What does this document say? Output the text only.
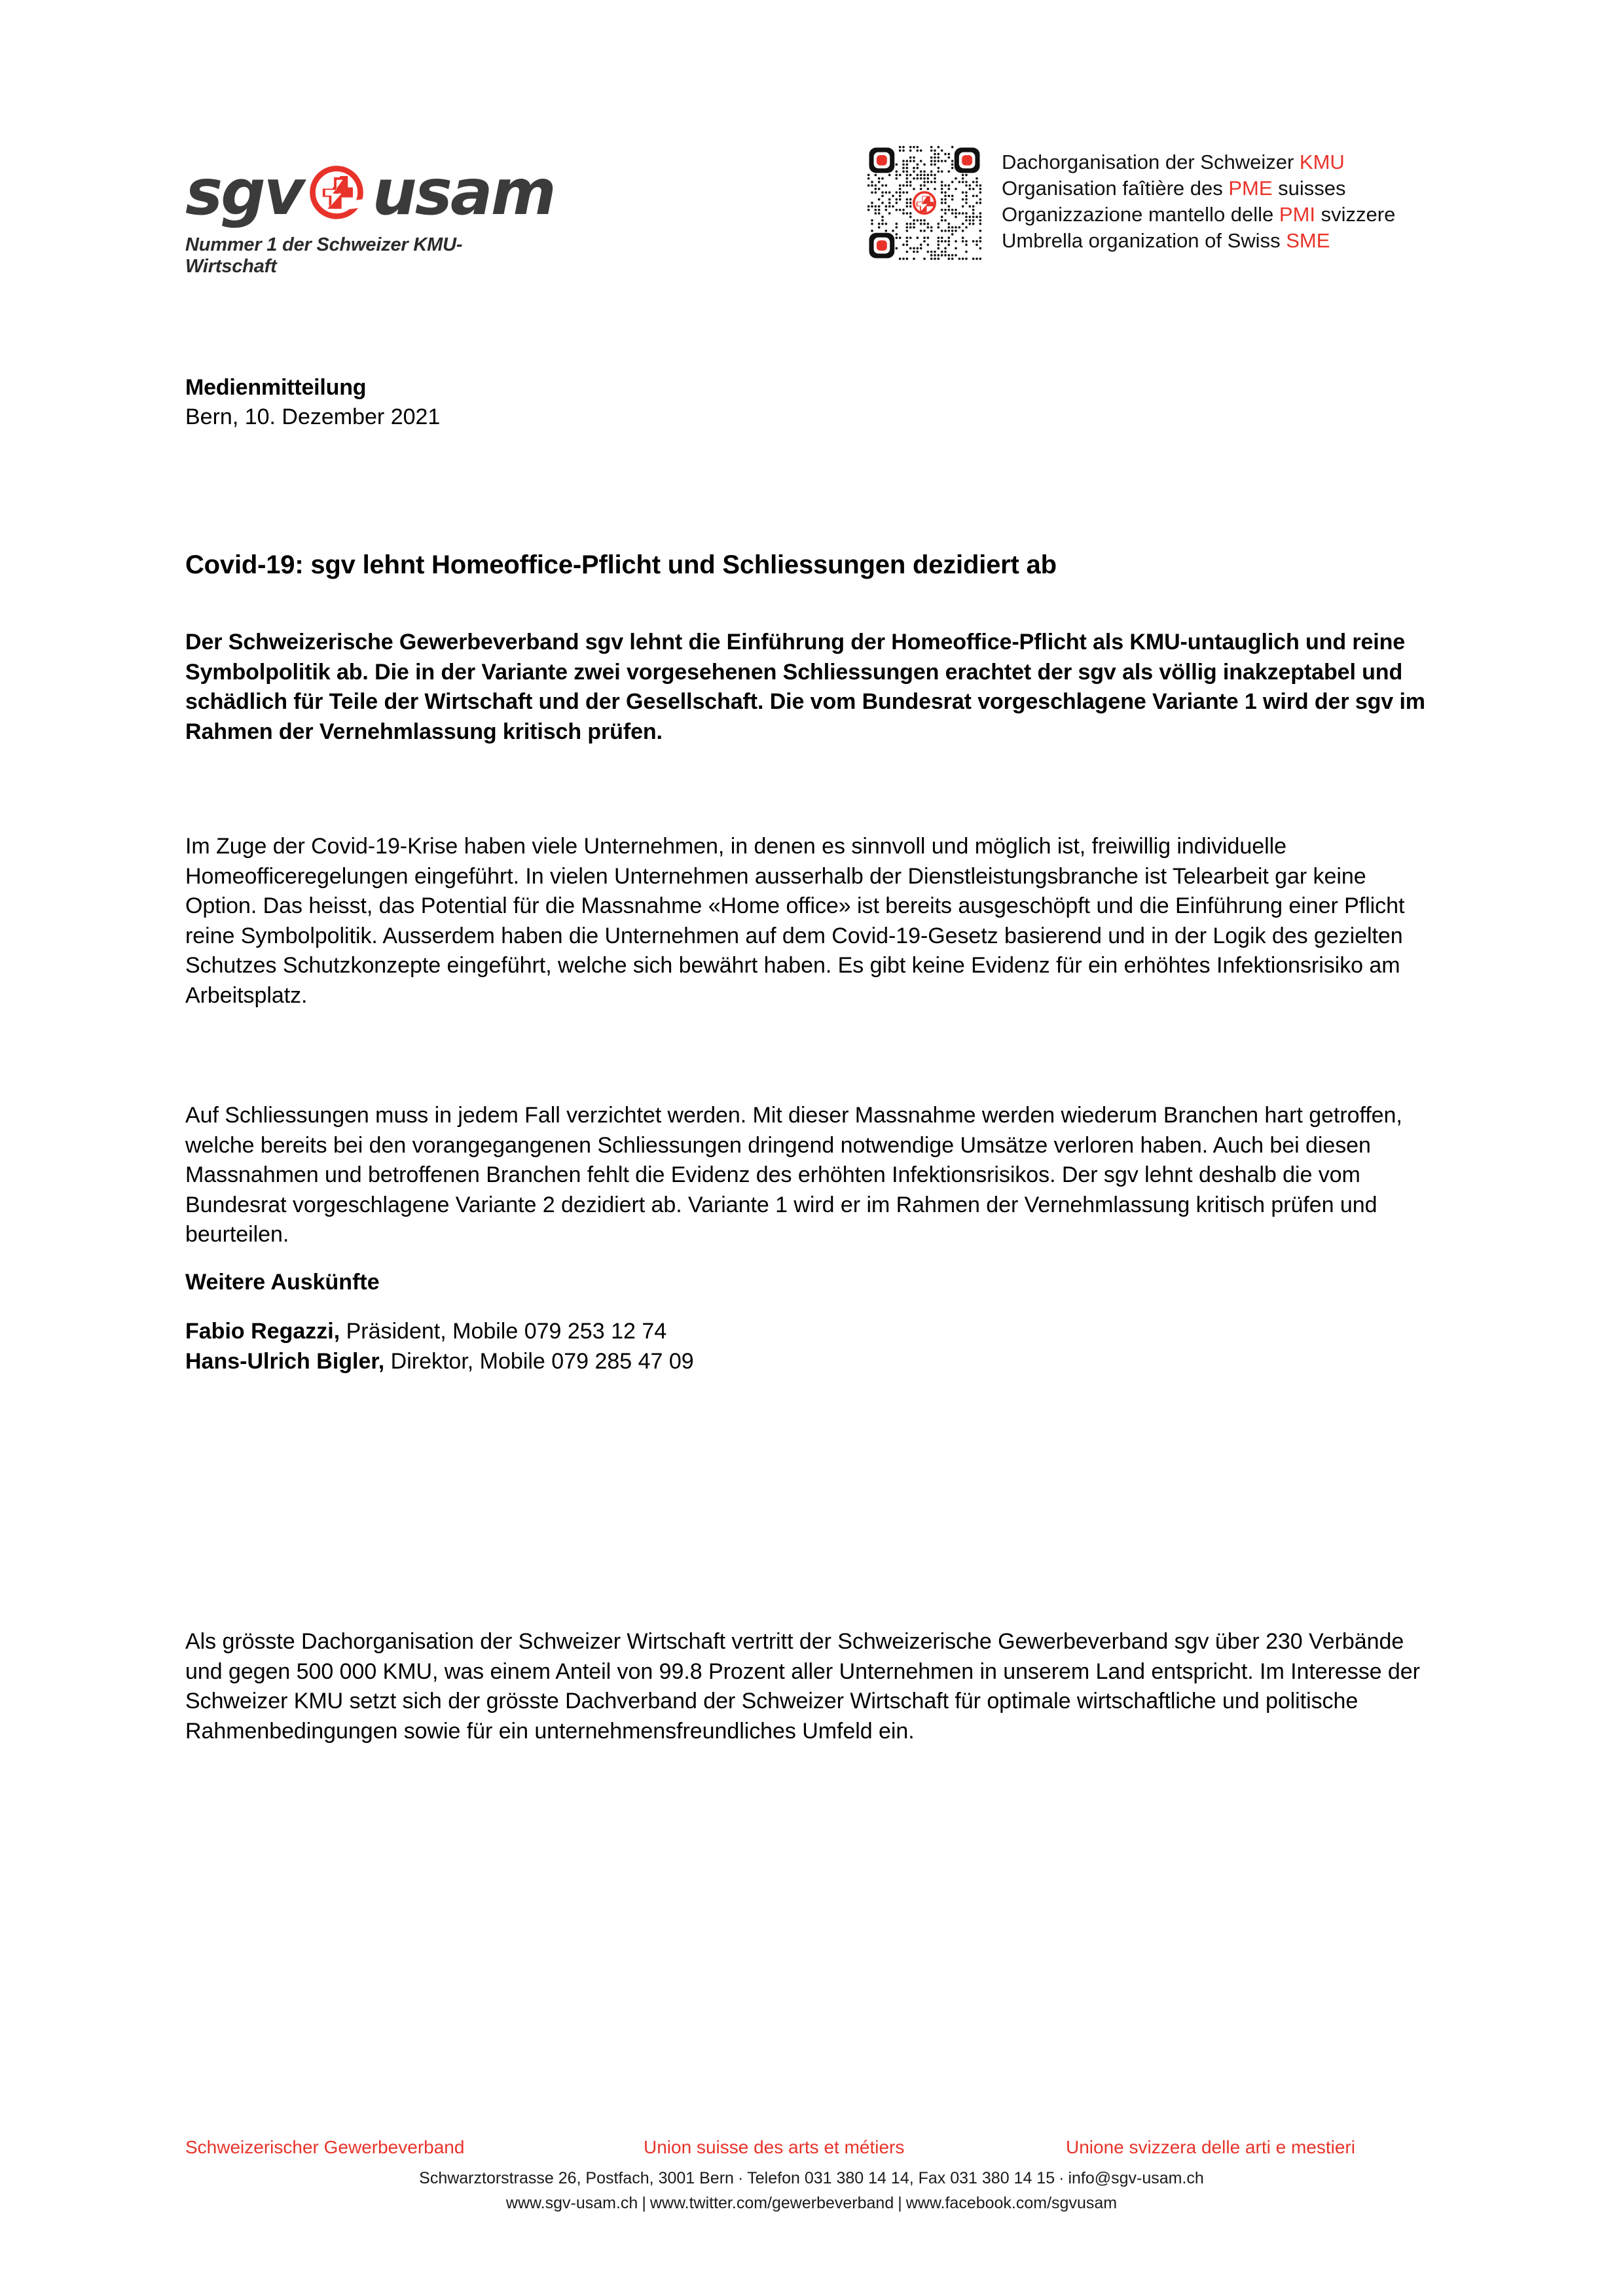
sgv usam
Nummer 1 der Schweizer KMU-Wirtschaft
Dachorganisation der Schweizer KMU
Organisation faîtière des PME suisses
Organizzazione mantello delle PMI svizzere
Umbrella organization of Swiss SME
Medienmitteilung
Bern, 10. Dezember 2021
Covid-19: sgv lehnt Homeoffice-Pflicht und Schliessungen dezidiert ab

Der Schweizerische Gewerbeverband sgv lehnt die Einführung der Homeoffice-Pflicht als KMU-untauglich und reine Symbolpolitik ab. Die in der Variante zwei vorgesehenen Schliessungen erachtet der sgv als völlig inakzeptabel und schädlich für Teile der Wirtschaft und der Gesellschaft. Die vom Bundesrat vorgeschlagene Variante 1 wird der sgv im Rahmen der Vernehmlassung kritisch prüfen.

Im Zuge der Covid-19-Krise haben viele Unternehmen, in denen es sinnvoll und möglich ist, freiwillig individuelle Homeofficeregelungen eingeführt. In vielen Unternehmen ausserhalb der Dienstleistungsbranche ist Telearbeit gar keine Option. Das heisst, das Potential für die Massnahme «Home office» ist bereits ausgeschöpft und die Einführung einer Pflicht reine Symbolpolitik. Ausserdem haben die Unternehmen auf dem Covid-19-Gesetz basierend und in der Logik des gezielten Schutzes Schutzkonzepte eingeführt, welche sich bewährt haben. Es gibt keine Evidenz für ein erhöhtes Infektionsrisiko am Arbeitsplatz.

Auf Schliessungen muss in jedem Fall verzichtet werden. Mit dieser Massnahme werden wiederum Branchen hart getroffen, welche bereits bei den vorangegangenen Schliessungen dringend notwendige Umsätze verloren haben. Auch bei diesen Massnahmen und betroffenen Branchen fehlt die Evidenz des erhöhten Infektionsrisikos. Der sgv lehnt deshalb die vom Bundesrat vorgeschlagene Variante 2 dezidiert ab. Variante 1 wird er im Rahmen der Vernehmlassung kritisch prüfen und beurteilen.

Weitere Auskünfte
Fabio Regazzi, Präsident, Mobile 079 253 12 74
Hans-Ulrich Bigler, Direktor, Mobile 079 285 47 09

Als grösste Dachorganisation der Schweizer Wirtschaft vertritt der Schweizerische Gewerbeverband sgv über 230 Verbände und gegen 500 000 KMU, was einem Anteil von 99.8 Prozent aller Unternehmen in unserem Land entspricht. Im Interesse der Schweizer KMU setzt sich der grösste Dachverband der Schweizer Wirtschaft für optimale wirtschaftliche und politische Rahmenbedingungen sowie für ein unternehmensfreundliches Umfeld ein.

Schweizerischer Gewerbeverband	Union suisse des arts et métiers	Unione svizzera delle arti e mestieri
Schwarztorstrasse 26, Postfach, 3001 Bern · Telefon 031 380 14 14, Fax 031 380 14 15 · info@sgv-usam.ch
www.sgv-usam.ch | www.twitter.com/gewerbeverband | www.facebook.com/sgvusam
